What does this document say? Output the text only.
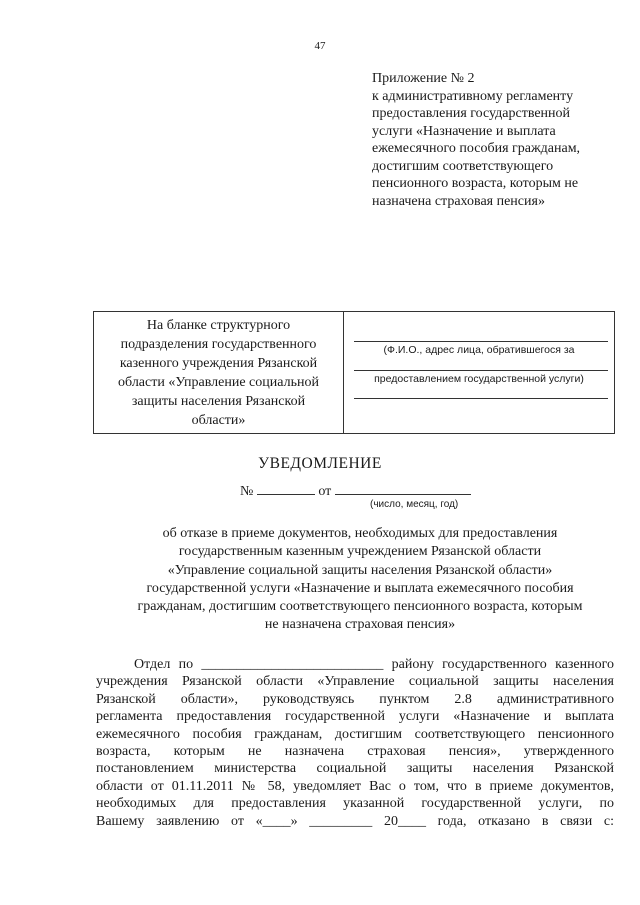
47
Приложение № 2
к административному регламенту
предоставления государственной
услуги «Назначение и выплата
ежемесячного пособия гражданам,
достигшим соответствующего
пенсионного возраста, которым не
назначена страховая пенсия»
На бланке структурного
подразделения государственного
казенного учреждения Рязанской
области «Управление социальной
защиты населения Рязанской
области»
(Ф.И.О., адрес лица, обратившегося за
предоставлением государственной услуги)
УВЕДОМЛЕНИЕ
№	от
(число, месяц, год)
об отказе в приеме документов, необходимых для предоставления
государственным казенным учреждением Рязанской области
«Управление социальной защиты населения Рязанской области»
государственной услуги «Назначение и выплата ежемесячного пособия
гражданам, достигшим соответствующего пенсионного возраста, которым
не назначена страховая пенсия»
Отдел по __________________________ району государственного казенного
учреждения Рязанской области «Управление социальной защиты населения
Рязанской области», руководствуясь пунктом 2.8 административного
регламента предоставления государственной услуги «Назначение и выплата
ежемесячного пособия гражданам, достигшим соответствующего пенсионного
возраста, которым не назначена страховая пенсия», утвержденного
постановлением министерства социальной защиты населения Рязанской
области от 01.11.2011 № 58, уведомляет Вас о том, что в приеме документов,
необходимых для предоставления указанной государственной услуги, по
Вашему заявлению от «____» _________ 20____ года, отказано в связи с:
